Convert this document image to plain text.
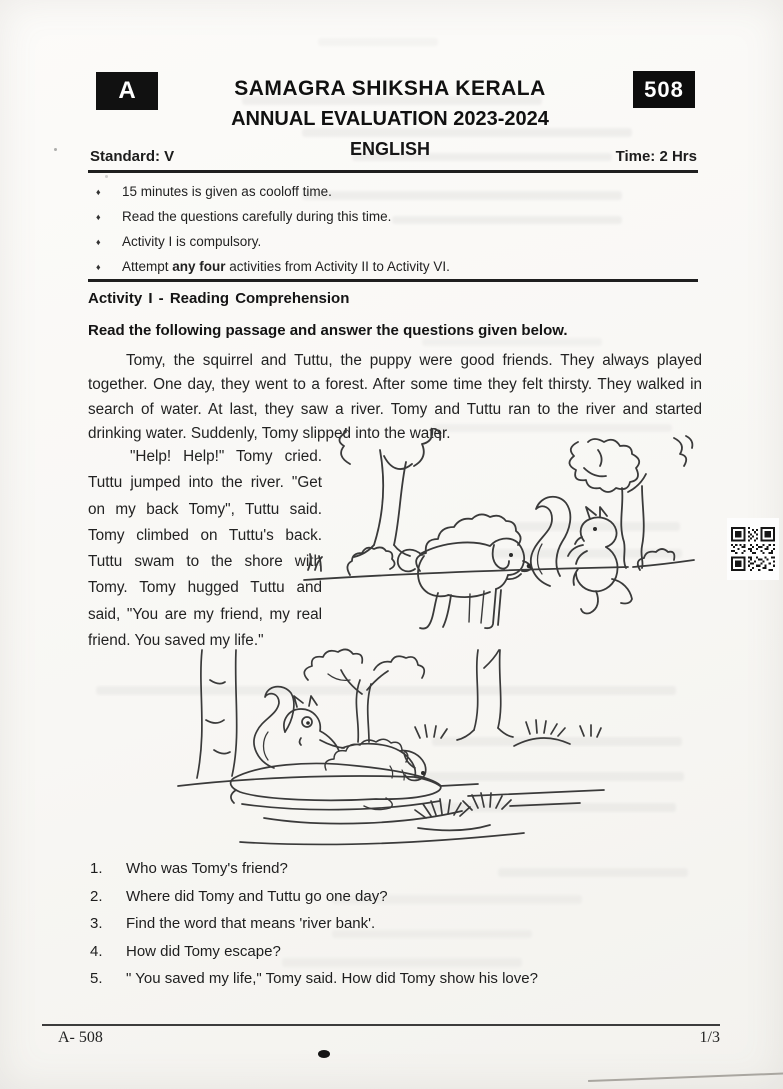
A	508
SAMAGRA SHIKSHA KERALA
ANNUAL EVALUATION 2023-2024
ENGLISH
Standard: V	Time: 2 Hrs
♦	15 minutes is given as cooloff time.
♦	Read the questions carefully during this time.
♦	Activity I is compulsory.
♦	Attempt any four activities from Activity II to Activity VI.
Activity I - Reading Comprehension
Read the following passage and answer the questions given below.
Tomy, the squirrel and Tuttu, the puppy were good friends. They always played together. One day, they went to a forest. After some time they felt thirsty. They walked in search of water. At last, they saw a river. Tomy and Tuttu ran to the river and started drinking water. Suddenly, Tomy slipped into the water.
"Help! Help!" Tomy cried. Tuttu jumped into the river. "Get on my back Tomy", Tuttu said. Tomy climbed on Tuttu's back. Tuttu swam to the shore with Tomy. Tomy hugged Tuttu and said, "You are my friend, my real friend. You saved my life."
1.	Who was Tomy's friend?
2.	Where did Tomy and Tuttu go one day?
3.	Find the word that means 'river bank'.
4.	How did Tomy escape?
5.	" You saved my life," Tomy said. How did Tomy show his love?
A- 508	1/3
